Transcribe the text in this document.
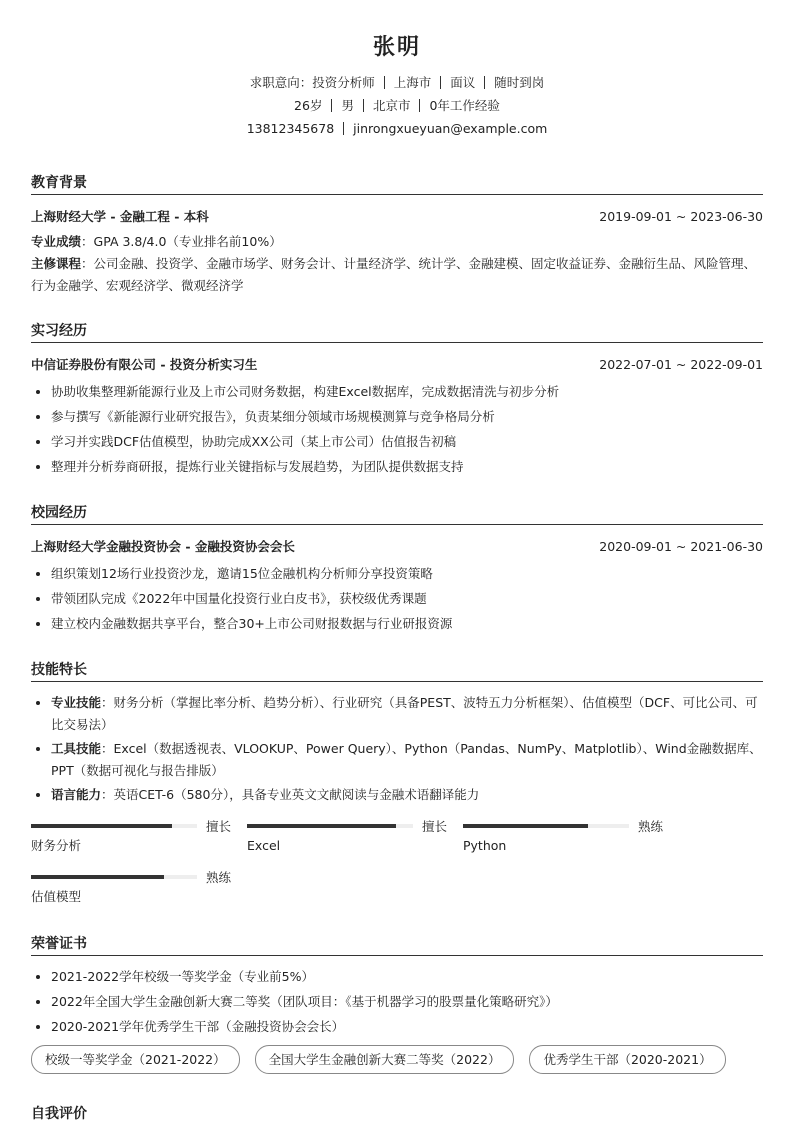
张明
求职意向：投资分析师 上海市 面议 随时到岗
26岁 男 北京市 0年工作经验
13812345678 jinrongxueyuan@example.com
教育背景
上海财经大学 - 金融工程 - 本科	2019-09-01 ~ 2023-06-30
专业成绩：GPA 3.8/4.0（专业排名前10%）
主修课程：公司金融、投资学、金融市场学、财务会计、计量经济学、统计学、金融建模、固定收益证券、金融衍生品、风险管理、行为金融学、宏观经济学、微观经济学
实习经历
中信证券股份有限公司 - 投资分析实习生	2022-07-01 ~ 2022-09-01
• 协助收集整理新能源行业及上市公司财务数据，构建Excel数据库，完成数据清洗与初步分析
• 参与撰写《新能源行业研究报告》，负责某细分领域市场规模测算与竞争格局分析
• 学习并实践DCF估值模型，协助完成XX公司（某上市公司）估值报告初稿
• 整理并分析券商研报，提炼行业关键指标与发展趋势，为团队提供数据支持
校园经历
上海财经大学金融投资协会 - 金融投资协会会长	2020-09-01 ~ 2021-06-30
• 组织策划12场行业投资沙龙，邀请15位金融机构分析师分享投资策略
• 带领团队完成《2022年中国量化投资行业白皮书》，获校级优秀课题
• 建立校内金融数据共享平台，整合30+上市公司财报数据与行业研报资源
技能特长
• 专业技能：财务分析（掌握比率分析、趋势分析）、行业研究（具备PEST、波特五力分析框架）、估值模型（DCF、可比公司、可比交易法）
• 工具技能：Excel（数据透视表、VLOOKUP、Power Query）、Python（Pandas、NumPy、Matplotlib）、Wind金融数据库、PPT（数据可视化与报告排版）
• 语言能力：英语CET-6（580分），具备专业英文文献阅读与金融术语翻译能力
擅长
财务分析
擅长
Excel
熟练
Python
熟练
估值模型
荣誉证书
• 2021-2022学年校级一等奖学金（专业前5%）
• 2022年全国大学生金融创新大赛二等奖（团队项目：《基于机器学习的股票量化策略研究》）
• 2020-2021学年优秀学生干部（金融投资协会会长）
校级一等奖学金（2021-2022）	全国大学生金融创新大赛二等奖（2022）	优秀学生干部（2020-2021）
自我评价
